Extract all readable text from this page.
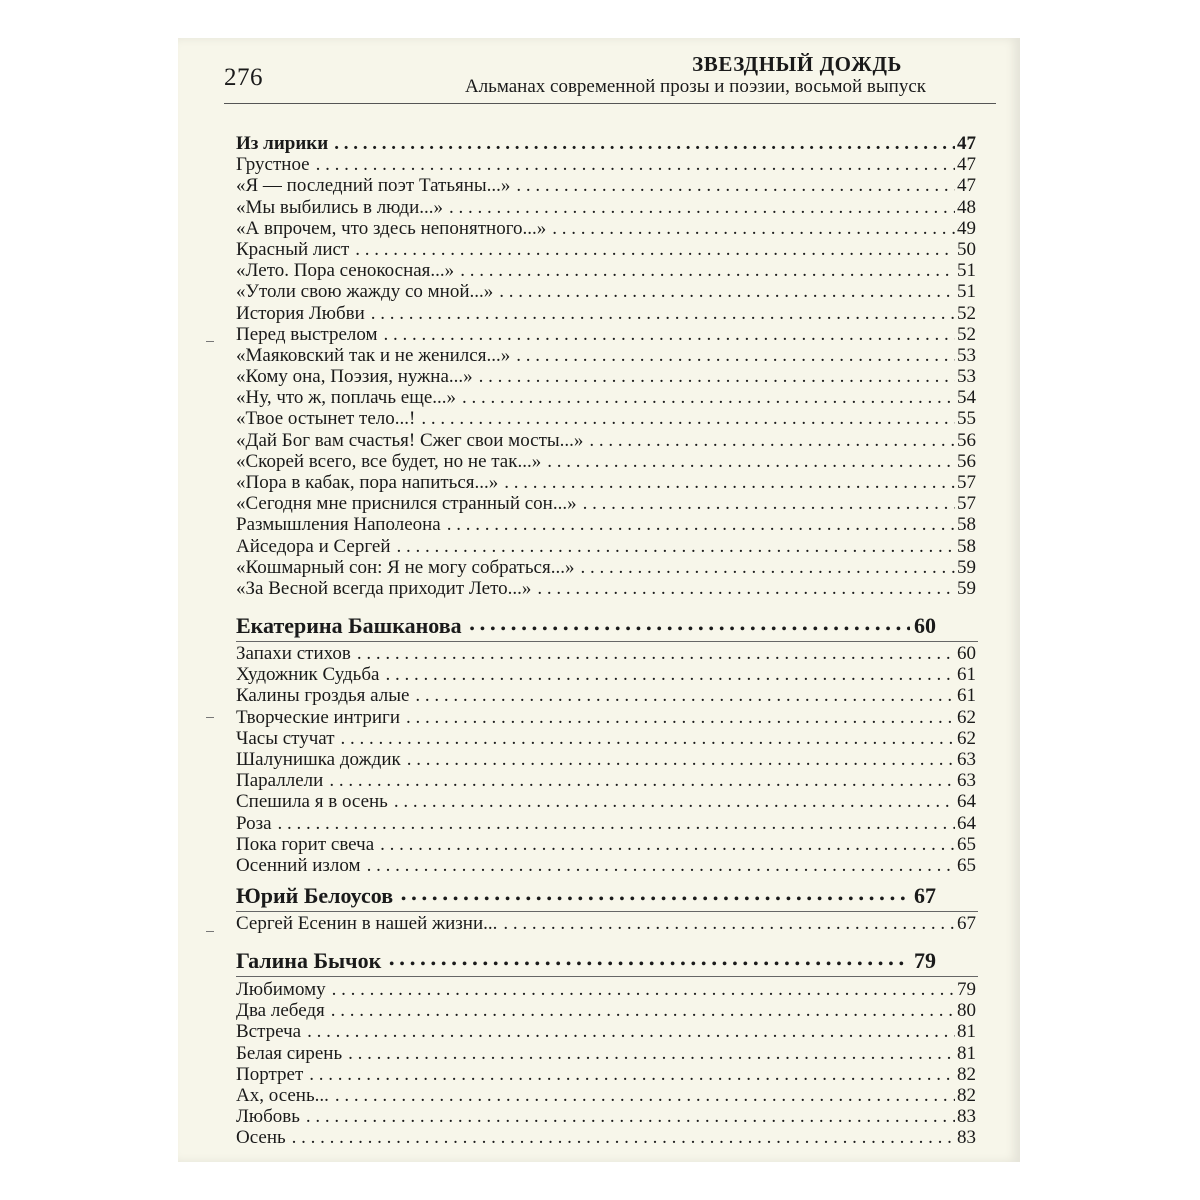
276	ЗВЕЗДНЫЙ ДОЖДЬ
Альманах современной прозы и поэзии, восьмой выпуск
Из лирики . . .	47
Грустное . . .	47
«Я — последний поэт Татьяны...» . . .	47
«Мы выбились в люди...» . . .	48
«А впрочем, что здесь непонятного...» . . .	49
Красный лист . . .	50
«Лето. Пора сенокосная...» . . .	51
«Утоли свою жажду со мной...» . . .	51
История Любви . . .	52
Перед выстрелом . . .	52
«Маяковский так и не женился...» . . .	53
«Кому она, Поэзия, нужна...» . . .	53
«Ну, что ж, поплачь еще...» . . .	54
«Твое остынет тело...! . . .	55
«Дай Бог вам счастья! Сжег свои мосты...» . . .	56
«Скорей всего, все будет, но не так...» . . .	56
«Пора в кабак, пора напиться...» . . .	57
«Сегодня мне приснился странный сон...» . . .	57
Размышления Наполеона . . .	58
Айседора и Сергей . . .	58
«Кошмарный сон: Я не могу собраться...» . . .	59
«За Весной всегда приходит Лето...» . . .	59
Екатерина Башканова • • •	60
Запахи стихов . . .	60
Художник Судьба . . .	61
Калины гроздья алые . . .	61
Творческие интриги . . .	62
Часы стучат . . .	62
Шалунишка дождик . . .	63
Параллели . . .	63
Спешила я в осень . . .	64
Роза . . .	64
Пока горит свеча . . .	65
Осенний излом . . .	65
Юрий Белоусов • • •	67
Сергей Есенин в нашей жизни... . . .	67
Галина Бычок • • •	79
Любимому . . .	79
Два лебедя . . .	80
Встреча . . .	81
Белая сирень . . .	81
Портрет . . .	82
Ах, осень... . . .	82
Любовь . . .	83
Осень . . .	83
